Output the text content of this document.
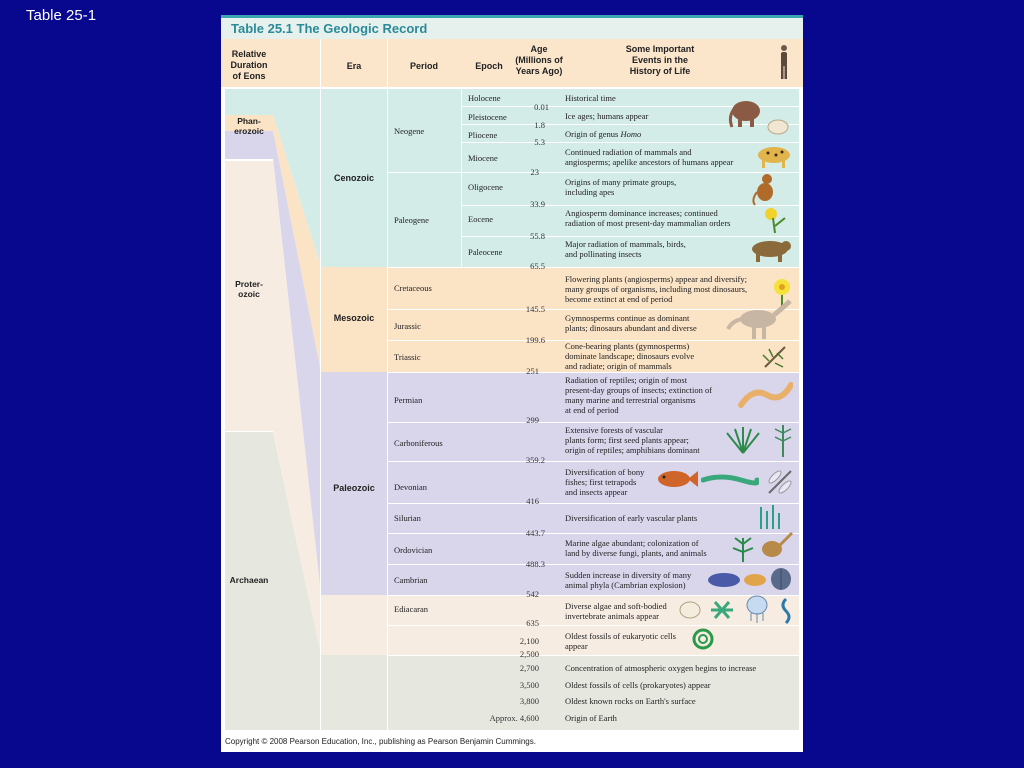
Table 25-1
Table 25.1 The Geologic Record
Relative
Duration
of Eons
Era	Period	Epoch
Age
(Millions of
Years Ago)
Some Important
Events in the
History of Life
Phan-
erozoic
Proter-
ozoic
Archaean
Cenozoic
Mesozoic
Paleozoic
Neogene
Paleogene
Cretaceous
Jurassic
Triassic
Permian
Carboniferous
Devonian
Silurian
Ordovician
Cambrian
Ediacaran
Holocene
Pleistocene
Pliocene
Miocene
Oligocene
Eocene
Paleocene
0.01
1.8
5.3
23
33.9
55.8
65.5
145.5
199.6
251
299
359.2
416
443.7
488.3
542
635
2,100
2,500
2,700
3,500
3,800
Approx. 4,600
Historical time
Ice ages; humans appear
Origin of genus Homo
Continued radiation of mammals and
angiosperms; apelike ancestors of humans appear
Origins of many primate groups,
including apes
Angiosperm dominance increases; continued
radiation of most present-day mammalian orders
Major radiation of mammals, birds,
and pollinating insects
Flowering plants (angiosperms) appear and diversify;
many groups of organisms, including most dinosaurs,
become extinct at end of period
Gymnosperms continue as dominant
plants; dinosaurs abundant and diverse
Cone-bearing plants (gymnosperms)
dominate landscape; dinosaurs evolve
and radiate; origin of mammals
Radiation of reptiles; origin of most
present-day groups of insects; extinction of
many marine and terrestrial organisms
at end of period
Extensive forests of vascular
plants form; first seed plants appear;
origin of reptiles; amphibians dominant
Diversification of bony
fishes; first tetrapods
and insects appear
Diversification of early vascular plants
Marine algae abundant; colonization of
land by diverse fungi, plants, and animals
Sudden increase in diversity of many
animal phyla (Cambrian explosion)
Diverse algae and soft-bodied
invertebrate animals appear
Oldest fossils of eukaryotic cells
appear
Concentration of atmospheric oxygen begins to increase
Oldest fossils of cells (prokaryotes) appear
Oldest known rocks on Earth's surface
Origin of Earth
Copyright © 2008 Pearson Education, Inc., publishing as Pearson Benjamin Cummings.
